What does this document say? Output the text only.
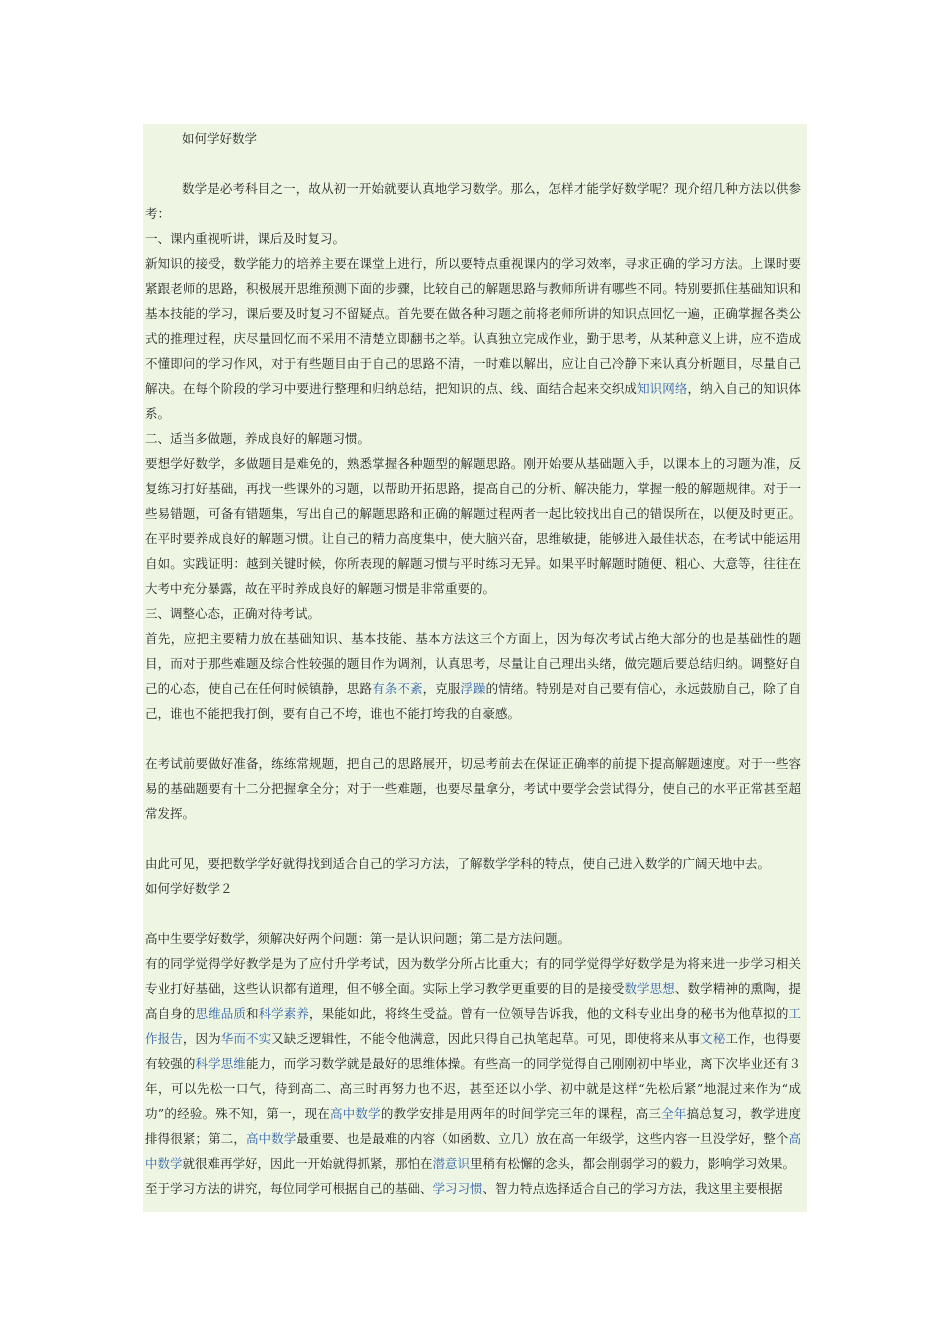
如何学好数学

数学是必考科目之一，故从初一开始就要认真地学习数学。那么，怎样才能学好数学呢？现介绍几种方法以供参考：

一、课内重视听讲，课后及时复习。

新知识的接受，数学能力的培养主要在课堂上进行，所以要特点重视课内的学习效率，寻求正确的学习方法。上课时要紧跟老师的思路，积极展开思维预测下面的步骤，比较自己的解题思路与教师所讲有哪些不同。特别要抓住基础知识和基本技能的学习，课后要及时复习不留疑点。首先要在做各种习题之前将老师所讲的知识点回忆一遍，正确掌握各类公式的推理过程，庆尽量回忆而不采用不清楚立即翻书之举。认真独立完成作业，勤于思考，从某种意义上讲，应不造成不懂即问的学习作风，对于有些题目由于自己的思路不清，一时难以解出，应让自己冷静下来认真分析题目，尽量自己解决。在每个阶段的学习中要进行整理和归纳总结，把知识的点、线、面结合起来交织成知识网络，纳入自己的知识体系。

二、适当多做题，养成良好的解题习惯。

要想学好数学，多做题目是难免的，熟悉掌握各种题型的解题思路。刚开始要从基础题入手，以课本上的习题为准，反复练习打好基础，再找一些课外的习题，以帮助开拓思路，提高自己的分析、解决能力，掌握一般的解题规律。对于一些易错题，可备有错题集，写出自己的解题思路和正确的解题过程两者一起比较找出自己的错误所在，以便及时更正。在平时要养成良好的解题习惯。让自己的精力高度集中，使大脑兴奋，思维敏捷，能够进入最佳状态，在考试中能运用自如。实践证明：越到关键时候，你所表现的解题习惯与平时练习无异。如果平时解题时随便、粗心、大意等，往往在大考中充分暴露，故在平时养成良好的解题习惯是非常重要的。

三、调整心态，正确对待考试。

首先，应把主要精力放在基础知识、基本技能、基本方法这三个方面上，因为每次考试占绝大部分的也是基础性的题目，而对于那些难题及综合性较强的题目作为调剂，认真思考，尽量让自己理出头绪，做完题后要总结归纳。调整好自己的心态，使自己在任何时候镇静，思路有条不紊，克服浮躁的情绪。特别是对自己要有信心，永远鼓励自己，除了自己，谁也不能把我打倒，要有自己不垮，谁也不能打垮我的自豪感。

在考试前要做好准备，练练常规题，把自己的思路展开，切忌考前去在保证正确率的前提下提高解题速度。对于一些容易的基础题要有十二分把握拿全分；对于一些难题，也要尽量拿分，考试中要学会尝试得分，使自己的水平正常甚至超常发挥。

由此可见，要把数学学好就得找到适合自己的学习方法，了解数学学科的特点，使自己进入数学的广阔天地中去。

如何学好数学２

高中生要学好数学，须解决好两个问题：第一是认识问题；第二是方法问题。

有的同学觉得学好教学是为了应付升学考试，因为数学分所占比重大；有的同学觉得学好数学是为将来进一步学习相关专业打好基础，这些认识都有道理，但不够全面。实际上学习教学更重要的目的是接受数学思想、数学精神的熏陶，提高自身的思维品质和科学素养，果能如此，将终生受益。曾有一位领导告诉我，他的文科专业出身的秘书为他草拟的工作报告，因为华而不实又缺乏逻辑性，不能令他满意，因此只得自己执笔起草。可见，即使将来从事文秘工作，也得要有较强的科学思维能力，而学习数学就是最好的思维体操。有些高一的同学觉得自己刚刚初中毕业，离下次毕业还有３年，可以先松一口气，待到高二、高三时再努力也不迟，甚至还以小学、初中就是这样“先松后紧”地混过来作为“成功”的经验。殊不知，第一，现在高中数学的教学安排是用两年的时间学完三年的课程，高三全年搞总复习，教学进度排得很紧；第二，高中数学最重要、也是最难的内容（如函数、立几）放在高一年级学，这些内容一旦没学好，整个高中数学就很难再学好，因此一开始就得抓紧，那怕在潜意识里稍有松懈的念头，都会削弱学习的毅力，影响学习效果。

至于学习方法的讲究，每位同学可根据自己的基础、学习习惯、智力特点选择适合自己的学习方法，我这里主要根据
